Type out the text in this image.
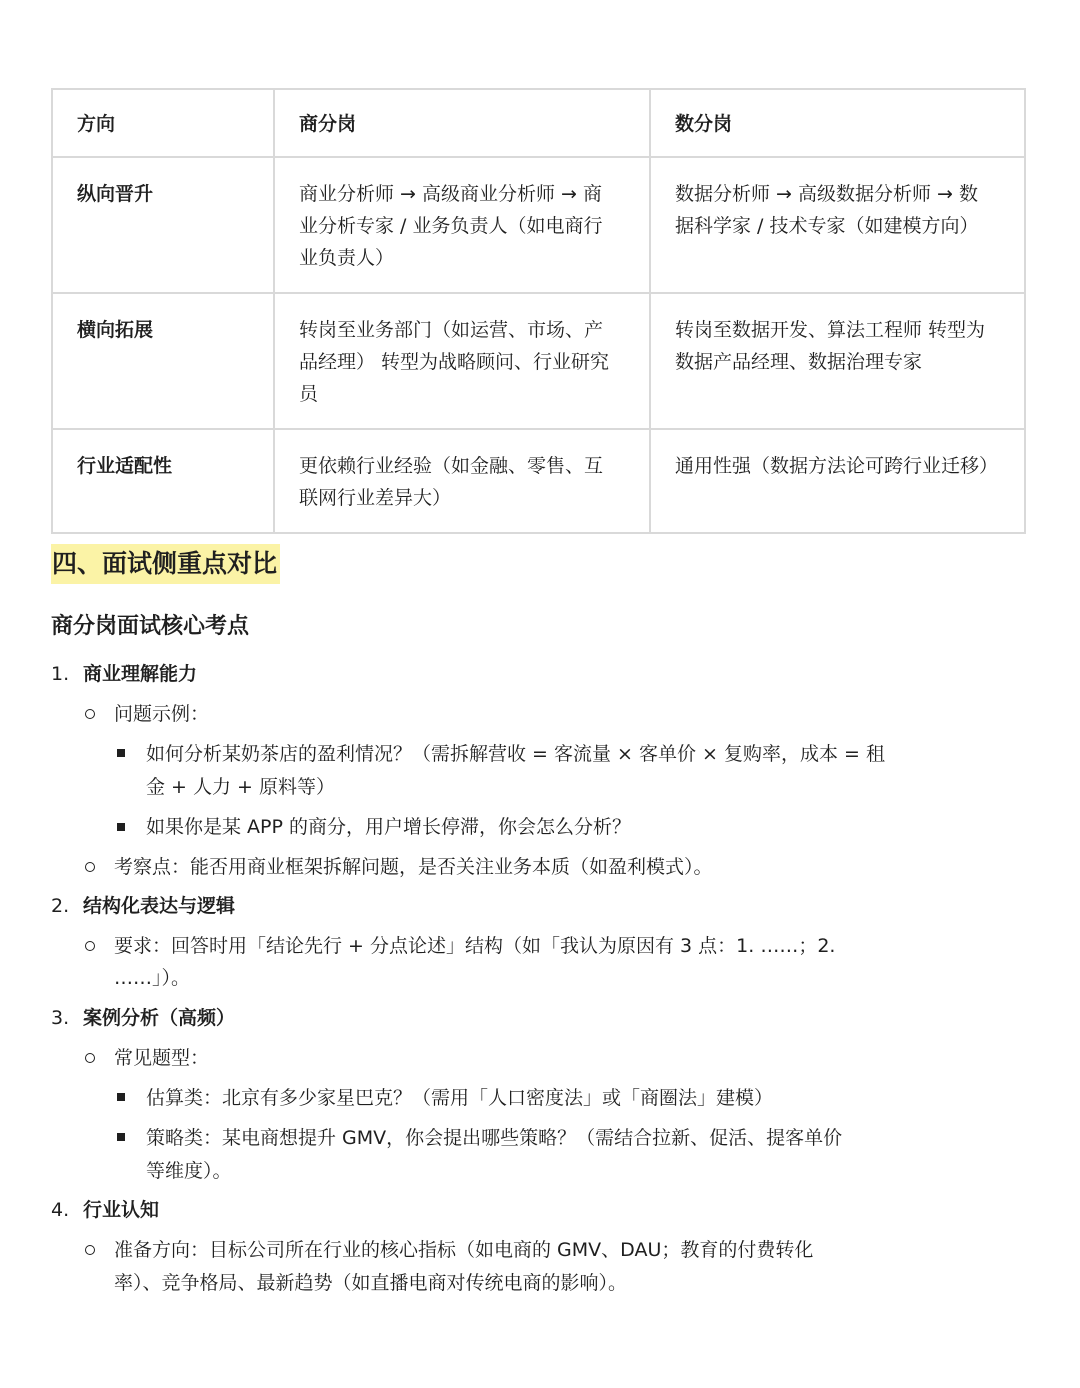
方向	商分岗	数分岗
纵向晋升	商业分析师 → 高级商业分析师 → 商
业分析专家 / 业务负责人（如电商行
业负责人）	数据分析师 → 高级数据分析师 → 数
据科学家 / 技术专家（如建模方向）
横向拓展	转岗至业务部门（如运营、市场、产
品经理） 转型为战略顾问、行业研究
员	转岗至数据开发、算法工程师 转型为
数据产品经理、数据治理专家
行业适配性	更依赖行业经验（如金融、零售、互
联网行业差异大）	通用性强（数据方法论可跨行业迁移）
四、面试侧重点对比
商分岗面试核心考点
1. 商业理解能力
问题示例：
如何分析某奶茶店的盈利情况？（需拆解营收 = 客流量 × 客单价 × 复购率，成本 = 租
金 + 人力 + 原料等）
如果你是某 APP 的商分，用户增长停滞，你会怎么分析？
考察点：能否用商业框架拆解问题，是否关注业务本质（如盈利模式）。
2. 结构化表达与逻辑
要求：回答时用「结论先行 + 分点论述」结构（如「我认为原因有 3 点：1. ……；2.
……」）。
3. 案例分析（高频）
常见题型：
估算类：北京有多少家星巴克？（需用「人口密度法」或「商圈法」建模）
策略类：某电商想提升 GMV，你会提出哪些策略？（需结合拉新、促活、提客单价
等维度）。
4. 行业认知
准备方向：目标公司所在行业的核心指标（如电商的 GMV、DAU；教育的付费转化
率）、竞争格局、最新趋势（如直播电商对传统电商的影响）。
